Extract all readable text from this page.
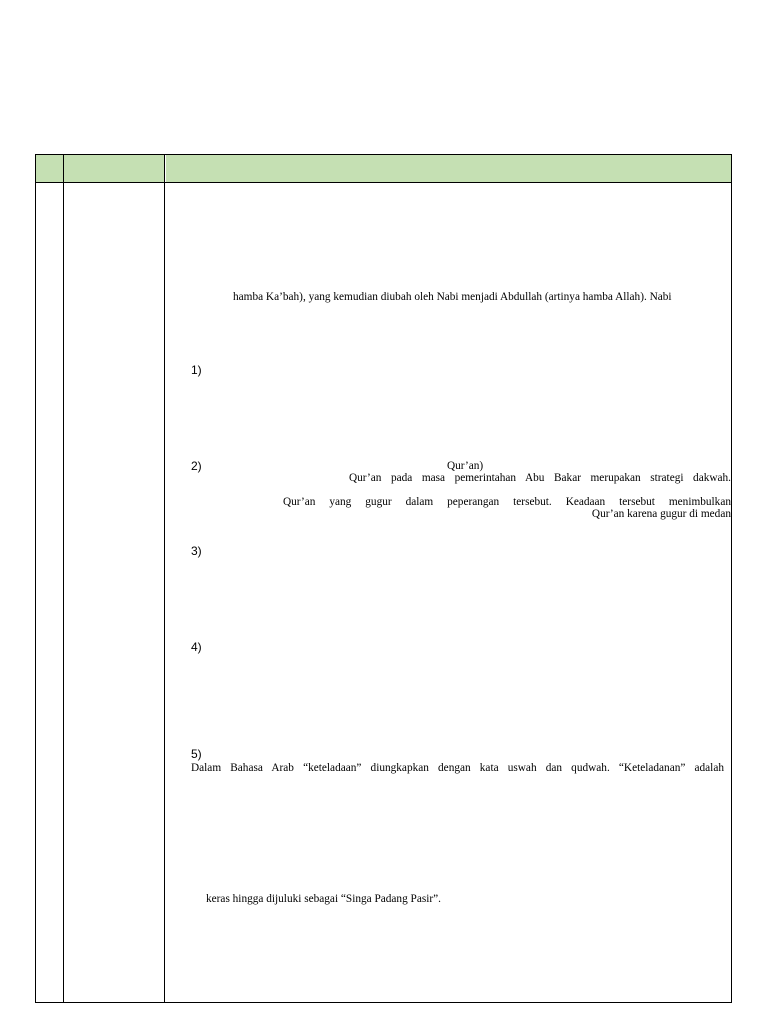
hamba Ka’bah), yang kemudian diubah oleh Nabi menjadi Abdullah (artinya hamba Allah). Nabi
1)
2)	Qur’an)
Qur’an pada masa pemerintahan Abu Bakar merupakan strategi dakwah.
Qur’an yang gugur dalam peperangan tersebut. Keadaan tersebut menimbulkan
Qur’an karena gugur di medan
3)
4)
5)
Dalam Bahasa Arab “keteladaan” diungkapkan dengan kata uswah dan qudwah. “Keteladanan” adalah
keras hingga dijuluki sebagai “Singa Padang Pasir”.
